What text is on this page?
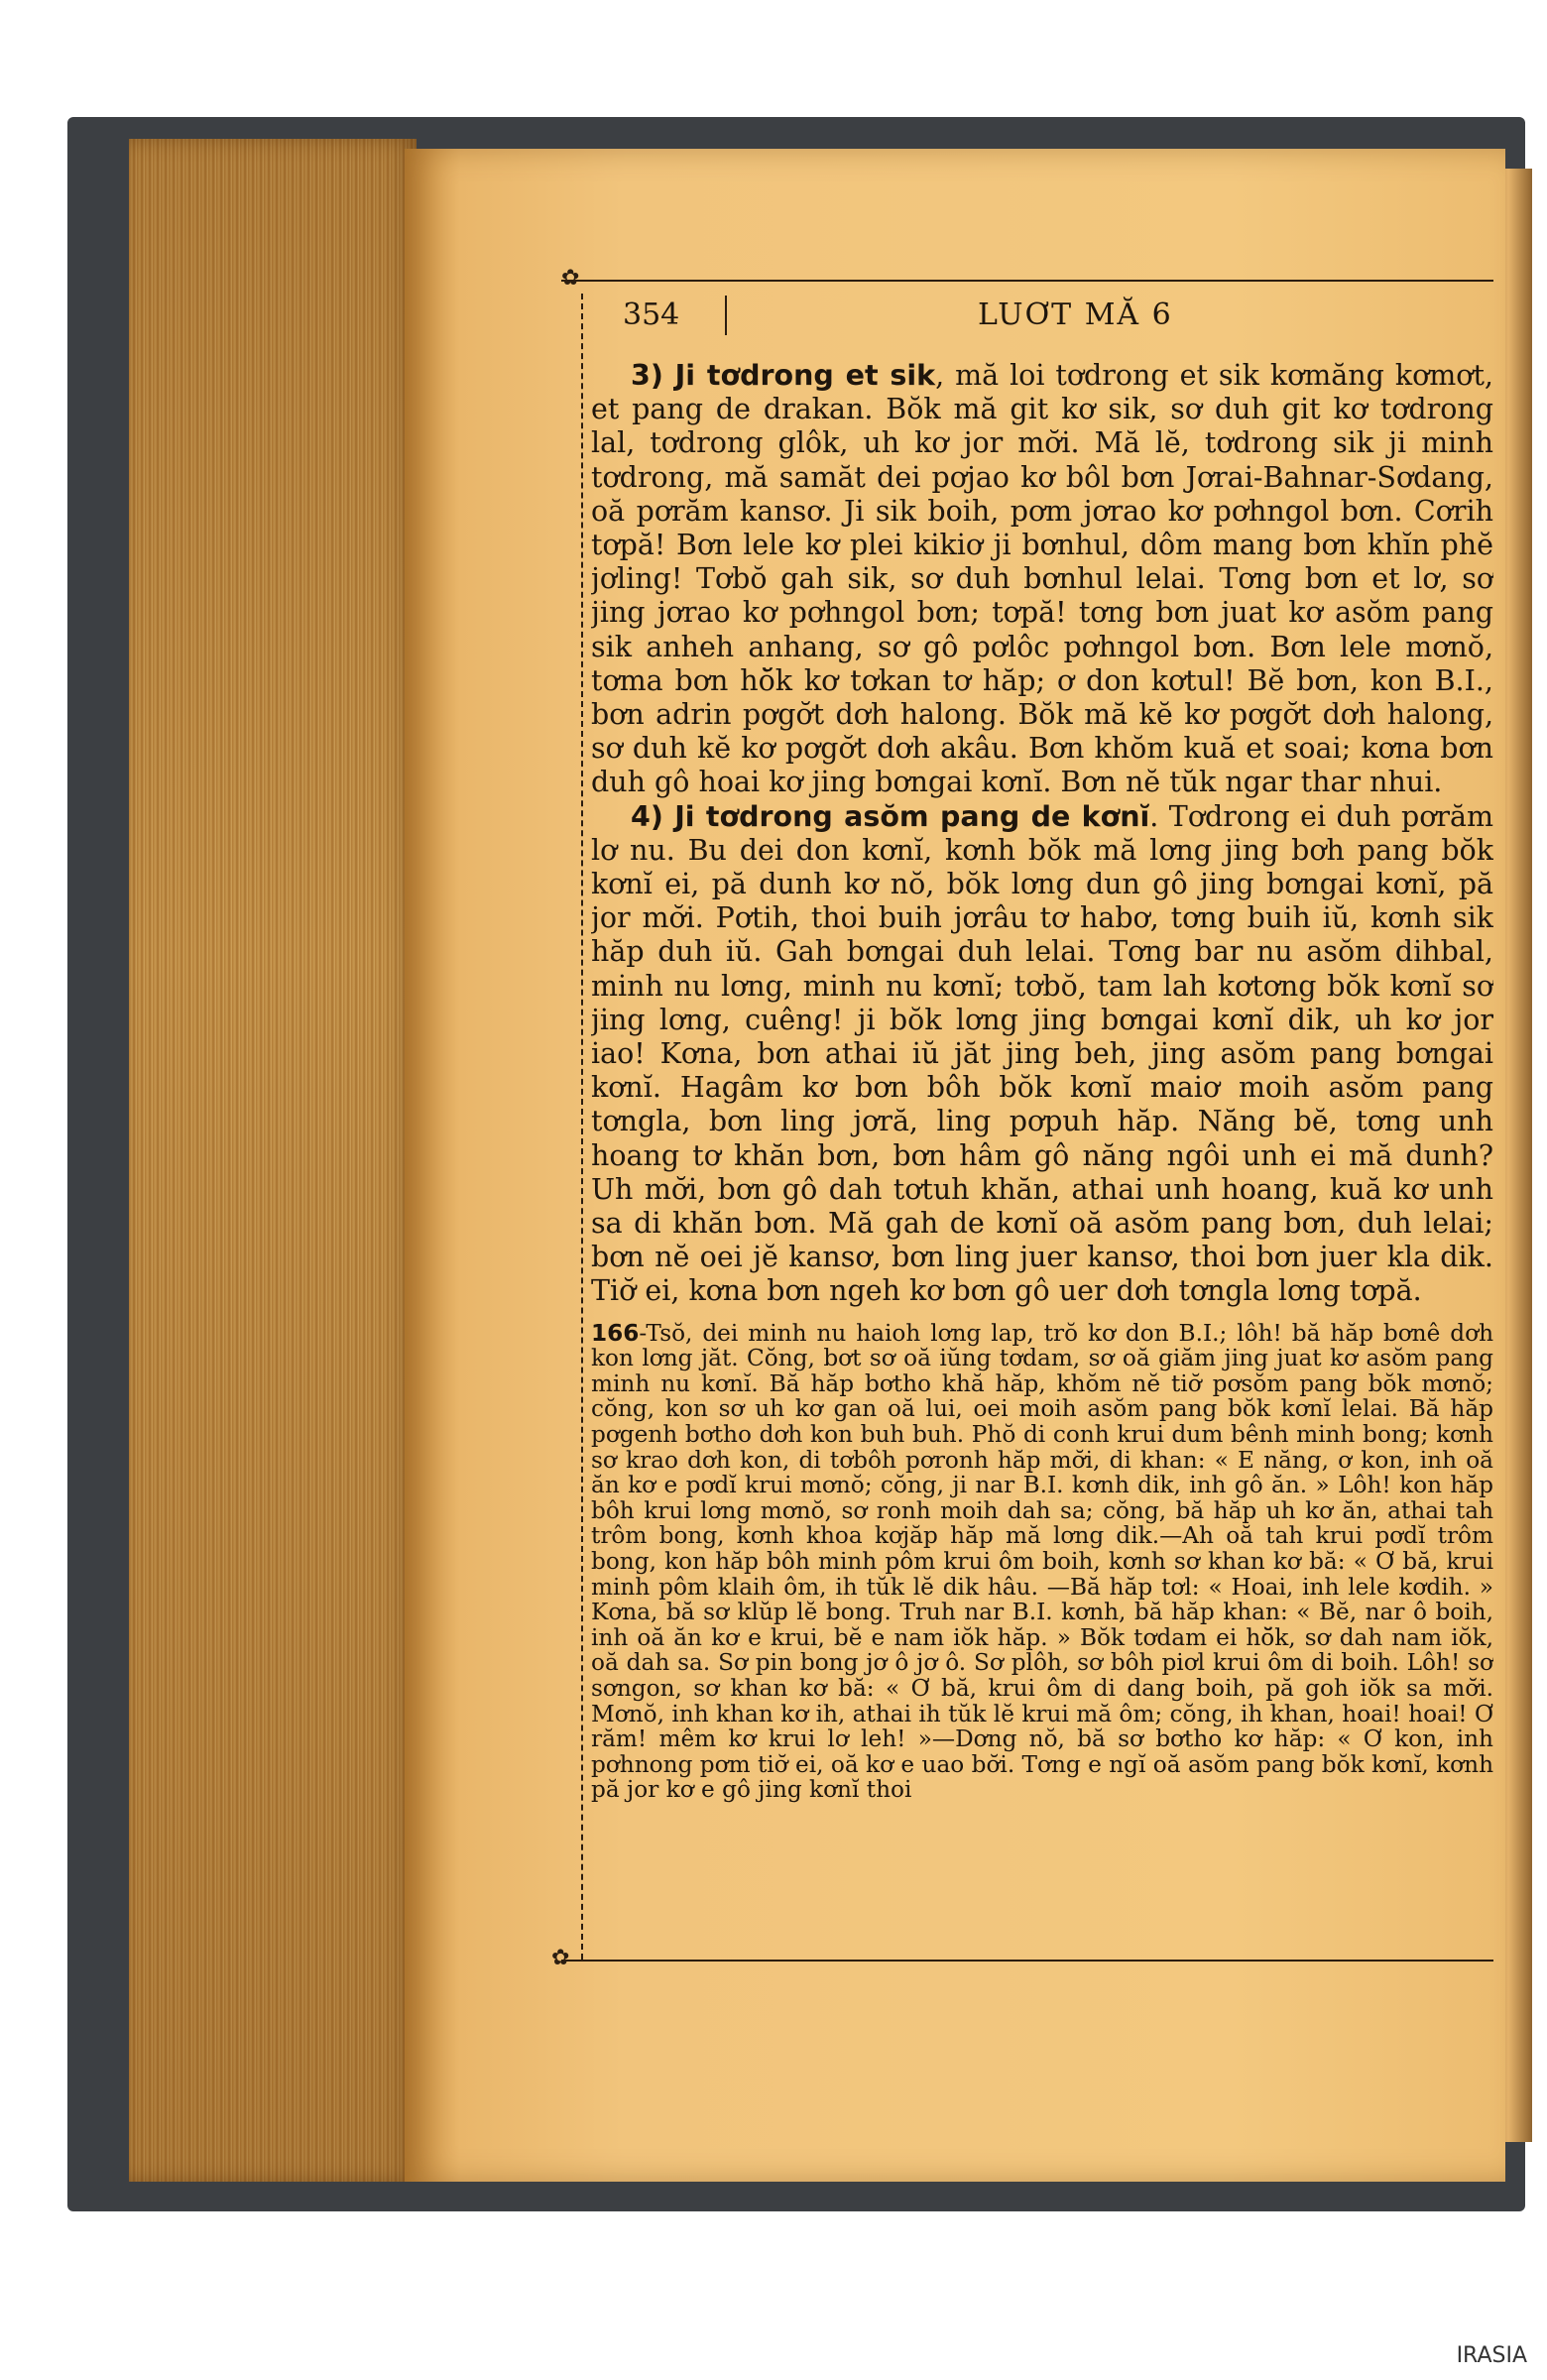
✿
✿
354	LUƠT MĂ 6

3) Ji tơdrong et sik, mă loi tơdrong et sik kơmăng kơmơt, et pang de drakan. Bŏk mă git kơ sik, sơ duh git kơ tơdrong lal, tơdrong glôk, uh kơ jor mơ̆i. Mă lĕ, tơdrong sik ji minh tơdrong, mă samăt dei pơjao kơ bôl bơn Jơrai-Bahnar-Sơdang, oă pơrăm kansơ. Ji sik boih, pơm jơrao kơ pơhngol bơn. Cơrih tơpă! Bơn lele kơ plei kikiơ ji bơnhul, dôm mang bơn khĭn phĕ jơling! Tơbŏ gah sik, sơ duh bơnhul lelai. Tơng bơn et lơ, sơ jing jơrao kơ pơhngol bơn; tơpă! tơng bơn juat kơ asŏm pang sik anheh anhang, sơ gô pơlôc pơhngol bơn. Bơn lele mơnŏ, tơma bơn hŏ̆k kơ tơkan tơ hăp; ơ don kơtul! Bĕ bơn, kon B.I., bơn adrin pơgơ̆t dơh halong. Bŏk mă kĕ kơ pơgơ̆t dơh halong, sơ duh kĕ kơ pơgơ̆t dơh akâu. Bơn khŏm kuă et soai; kơna bơn duh gô hoai kơ jing bơngai kơnĭ. Bơn nĕ tŭk ngar thar nhui.

4) Ji tơdrong asŏm pang de kơnĭ. Tơdrong ei duh pơrăm lơ nu. Bu dei don kơnĭ, kơnh bŏk mă lơng jing bơh pang bŏk kơnĭ ei, pă dunh kơ nŏ, bŏk lơng dun gô jing bơngai kơnĭ, pă jor mơ̆i. Pơtih, thoi buih jơrâu tơ habơ, tơng buih iŭ, kơnh sik hăp duh iŭ. Gah bơngai duh lelai. Tơng bar nu asŏm dihbal, minh nu lơng, minh nu kơnĭ; tơbŏ, tam lah kơtơng bŏk kơnĭ sơ jing lơng, cuêng! ji bŏk lơng jing bơngai kơnĭ dik, uh kơ jor iao! Kơna, bơn athai iŭ jăt jing beh, jing asŏm pang bơngai kơnĭ. Hagâm kơ bơn bôh bŏk kơnĭ maiơ moih asŏm pang tơngla, bơn ling jơră, ling pơpuh hăp. Năng bĕ, tơng unh hoang tơ khăn bơn, bơn hâm gô năng ngôi unh ei mă dunh? Uh mơ̆i, bơn gô dah tơtuh khăn, athai unh hoang, kuă kơ unh sa di khăn bơn. Mă gah de kơnĭ oă asŏm pang bơn, duh lelai; bơn nĕ oei jĕ kansơ, bơn ling juer kansơ, thoi bơn juer kla dik. Tiơ̆ ei, kơna bơn ngeh kơ bơn gô uer dơh tơngla lơng tơpă.

166-Tsŏ, dei minh nu haioh lơng lap, trŏ kơ don B.I.; lôh! bă hăp bơnê dơh kon lơng jăt. Cŏng, bơt sơ oă iŭng tơdam, sơ oă giăm jing juat kơ asŏm pang minh nu kơnĭ. Bă hăp bơtho khă hăp, khŏm nĕ tiơ̆ pơsŏm pang bŏk mơnŏ; cŏng, kon sơ uh kơ gan oă lui, oei moih asŏm pang bŏk kơnĭ lelai. Bă hăp pơgenh bơtho dơh kon buh buh. Phŏ di conh krui dum bênh minh bong; kơnh sơ krao dơh kon, di tơbôh pơronh hăp mơ̆i, di khan: « E năng, ơ kon, inh oă ăn kơ e pơdĭ krui mơnŏ; cŏng, ji nar B.I. kơnh dik, inh gô ăn. » Lôh! kon hăp bôh krui lơng mơnŏ, sơ ronh moih dah sa; cŏng, bă hăp uh kơ ăn, athai tah trôm bong, kơnh khoa kơjăp hăp mă lơng dik.—Ah oă tah krui pơdĭ trôm bong, kon hăp bôh minh pôm krui ôm boih, kơnh sơ khan kơ bă: « Ơ bă, krui minh pôm klaih ôm, ih tŭk lĕ dik hâu. —Bă hăp tơl: « Hoai, inh lele kơdih. » Kơna, bă sơ klŭp lĕ bong. Truh nar B.I. kơnh, bă hăp khan: « Bĕ, nar ô boih, inh oă ăn kơ e krui, bĕ e nam iŏk hăp. » Bŏk tơdam ei hŏ̆k, sơ dah nam iŏk, oă dah sa. Sơ pin bong jơ ô jơ ô. Sơ plôh, sơ bôh piơl krui ôm di boih. Lôh! sơ sơngon, sơ khan kơ bă: « Ơ bă, krui ôm di dang boih, pă goh iŏk sa mơ̆i. Mơnŏ, inh khan kơ ih, athai ih tŭk lĕ krui mă ôm; cŏng, ih khan, hoai! hoai! Ơ răm! mêm kơ krui lơ leh! »—Dơng nŏ, bă sơ bơtho kơ hăp: « Ơ kon, inh pơhnong pơm tiơ̆ ei, oă kơ e uao bơ̆i. Tơng e ngĭ oă asŏm pang bŏk kơnĭ, kơnh pă jor kơ e gô jing kơnĭ thoi

IRASIA
